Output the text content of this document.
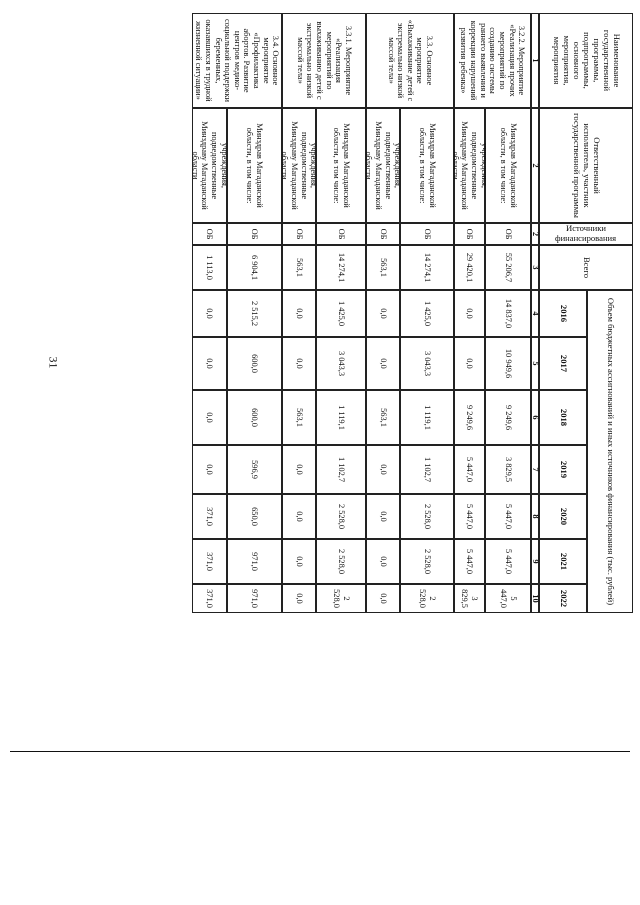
31
Наименование государственной программы, подпрограммы, основного мероприятия, мероприятия
Ответственный исполнитель, участник государственной программы
Источники финансирования
Всего
Объем бюджетных ассигнований и иных источников финансирования (тыс. рублей)
2016
2017
2018
2019
2020
2021
2022
1
2
2
3
4
5
6
7
8
9
10
3.2.2. Мероприятие «Реализация прочих мероприятий по созданию системы раннего выявления и коррекции нарушений развития ребенка»
Минздрав Магаданской области, в том числе:
ОБ
55 206,7
14 837,0
10 949,6
9 249,6
3 829,5
5 447,0
5 447,0
5 447,0
учреждения, подведомственные Минздраву Магаданской области
ОБ
29 420,1
0,0
0,0
9 249,6
5 447,0
5 447,0
5 447,0
3 829,5
3.3. Основное мероприятие «Выхаживание детей с экстремально низкой массой тела»
Минздрав Магаданской области, в том числе:
ОБ
14 274,1
1 425,0
3 043,3
1 119,1
1 102,7
2 528,0
2 528,0
2 528,0
учреждения, подведомственные Минздраву Магаданской области
ОБ
563,1
0,0
0,0
563,1
0,0
0,0
0,0
0,0
3.3.1. Мероприятие «Реализация мероприятий по выхаживанию детей с экстремально низкой массой тела»
Минздрав Магаданской области, в том числе:
ОБ
14 274,1
1 425,0
3 043,3
1 119,1
1 102,7
2 528,0
2 528,0
2 528,0
учреждения, подведомственные Минздраву Магаданской области
ОБ
563,1
0,0
0,0
563,1
0,0
0,0
0,0
0,0
3.4. Основное мероприятие «Профилактика абортов. Развитие центров медико-социальной поддержки беременных, оказавшихся в трудной жизненной ситуации»
Минздрав Магаданской области, в том числе:
ОБ
6 904,1
2 515,2
600,0
600,0
596,9
650,0
971,0
971,0
учреждения, подведомственные Минздраву Магаданской области
ОБ
1 113,0
0,0
0,0
0,0
0,0
371,0
371,0
371,0
